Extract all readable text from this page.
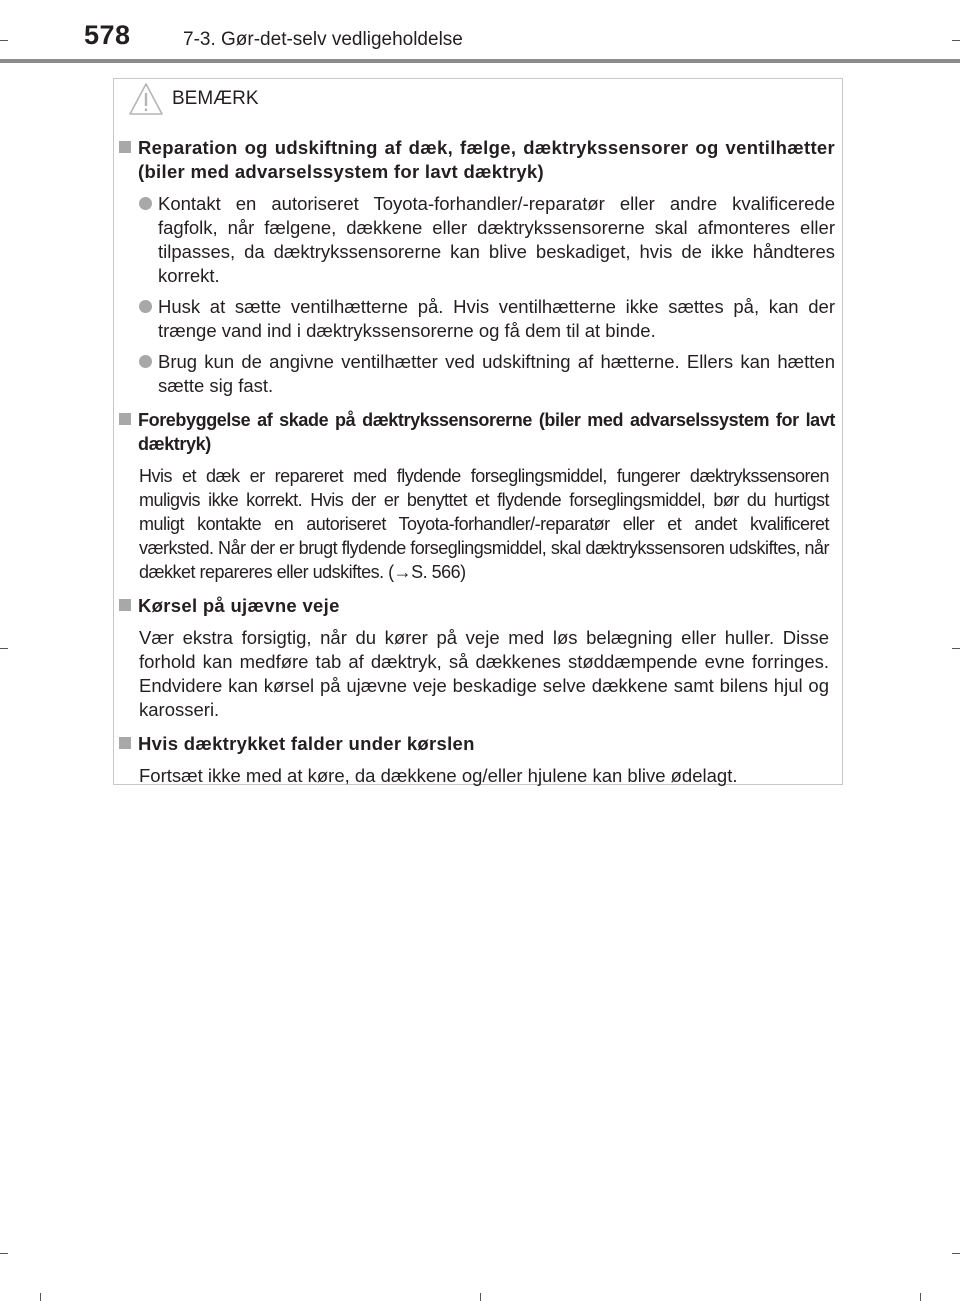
578	7-3. Gør-det-selv vedligeholdelse
BEMÆRK
Reparation og udskiftning af dæk, fælge, dæktrykssensorer og ventilhætter (biler med advarselssystem for lavt dæktryk)
Kontakt en autoriseret Toyota-forhandler/-reparatør eller andre kvalificerede fagfolk, når fælgene, dækkene eller dæktrykssensorerne skal afmonteres eller tilpasses, da dæktrykssensorerne kan blive beskadiget, hvis de ikke håndteres korrekt.
Husk at sætte ventilhætterne på. Hvis ventilhætterne ikke sættes på, kan der trænge vand ind i dæktrykssensorerne og få dem til at binde.
Brug kun de angivne ventilhætter ved udskiftning af hætterne. Ellers kan hætten sætte sig fast.
Forebyggelse af skade på dæktrykssensorerne (biler med advarselssystem for lavt dæktryk)
Hvis et dæk er repareret med flydende forseglingsmiddel, fungerer dæktrykssensoren muligvis ikke korrekt. Hvis der er benyttet et flydende forseglingsmiddel, bør du hurtigst muligt kontakte en autoriseret Toyota-forhandler/-reparatør eller et andet kvalificeret værksted. Når der er brugt flydende forseglingsmiddel, skal dæktrykssensoren udskiftes, når dækket repareres eller udskiftes. (→S. 566)
Kørsel på ujævne veje
Vær ekstra forsigtig, når du kører på veje med løs belægning eller huller. Disse forhold kan medføre tab af dæktryk, så dækkenes støddæmpende evne forringes. Endvidere kan kørsel på ujævne veje beskadige selve dækkene samt bilens hjul og karosseri.
Hvis dæktrykket falder under kørslen
Fortsæt ikke med at køre, da dækkene og/eller hjulene kan blive ødelagt.
